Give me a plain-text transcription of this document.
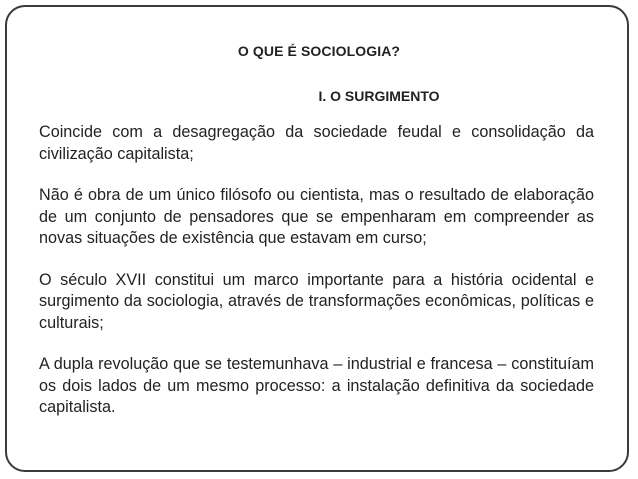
O QUE É SOCIOLOGIA?
I. O SURGIMENTO

Coincide com a desagregação da sociedade feudal e consolidação da civilização capitalista;

Não é obra de um único filósofo ou cientista, mas o resultado de elaboração de um conjunto de pensadores que se empenharam em compreender as novas situações de existência que estavam em curso;

O século XVII constitui um marco importante para a história ocidental e surgimento da sociologia, através de transformações econômicas, políticas e culturais;

A dupla revolução que se testemunhava – industrial e francesa – constituíam os dois lados de um mesmo processo: a instalação definitiva da sociedade capitalista.
